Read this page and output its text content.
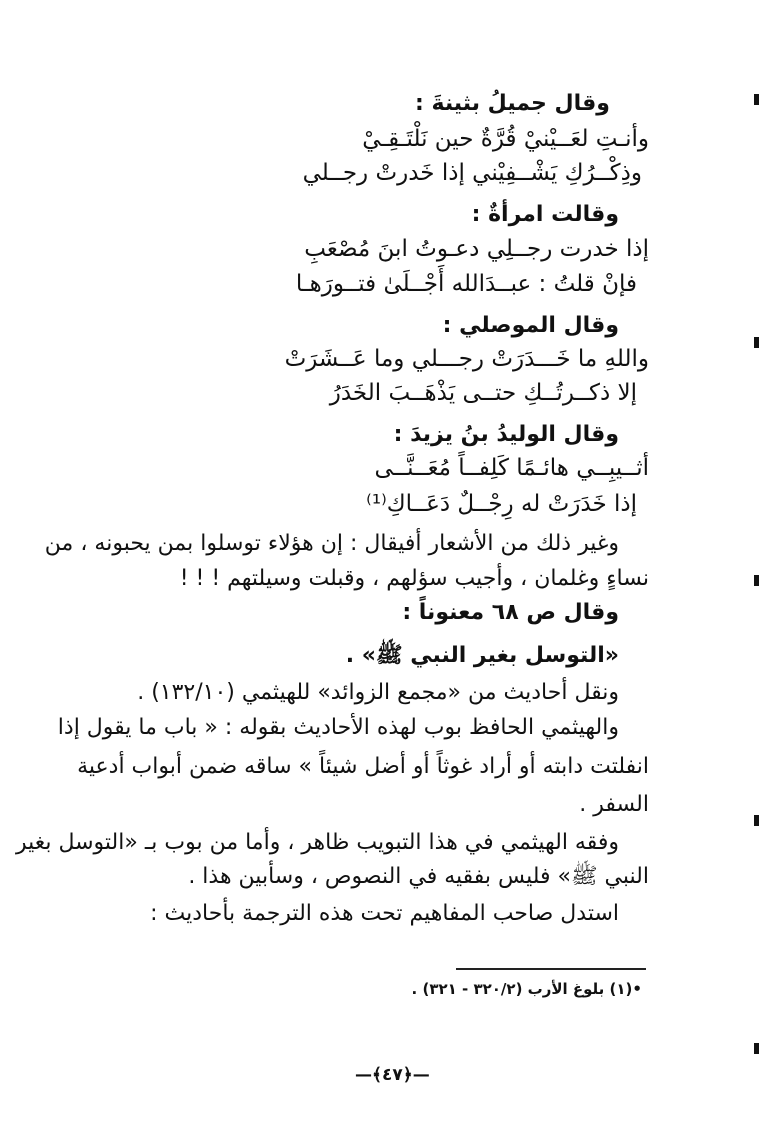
وقال جميلُ بثينةَ :
وأنـتِ لعَــيْنيْ قُرَّةٌ حين نَلْتَـقِـيْ
وذِكْــرُكِ يَشْــفِيْني إذا خَدرتْ رجــلي
وقالت امرأةٌ :
إذا خدرت رجــلِي دعـوتُ ابنَ مُصْعَبِ
فإنْ قلتُ : عبــدَالله أَجْــلَىٰ فتــورَهـا
وقال الموصلي :
واللهِ ما خَـــدَرَتْ رجـــلي وما عَــشَرَتْ
إلا ذكــرتُــكِ حتــى يَذْهَــبَ الخَدَرُ
وقال الوليدُ بنُ يزيدَ :
أثــيبِــي هائـمًا كَلِفــاً مُعَــنَّــى
إذا خَدَرَتْ له رِجْــلٌ دَعَــاكِ⁽¹⁾
وغير ذلك من الأشعار أفيقال : إن هؤلاء توسلوا بمن يحبونه ، من
نساءٍ وغلمان ، وأجيب سؤلهم ، وقبلت وسيلتهم ! ! !
وقال ص ٦٨ معنوناً :
«التوسل بغير النبي ﷺ» .
ونقل أحاديث من «مجمع الزوائد» للهيثمي (١٣٢/١٠) .
والهيثمي الحافظ بوب لهذه الأحاديث بقوله : « باب ما يقول إذا
انفلتت دابته أو أراد غوثاً أو أضل شيئاً » ساقه ضمن أبواب أدعية
السفر .
وفقه الهيثمي في هذا التبويب ظاهر ، وأما من بوب بـ «التوسل بغير
النبي ﷺ» فليس بفقيه في النصوص ، وسأبين هذا .
استدل صاحب المفاهيم تحت هذه الترجمة بأحاديث :
•(١) بلوغ الأرب (٣٢٠/٢ - ٣٢١) .
—﴿٤٧﴾—
